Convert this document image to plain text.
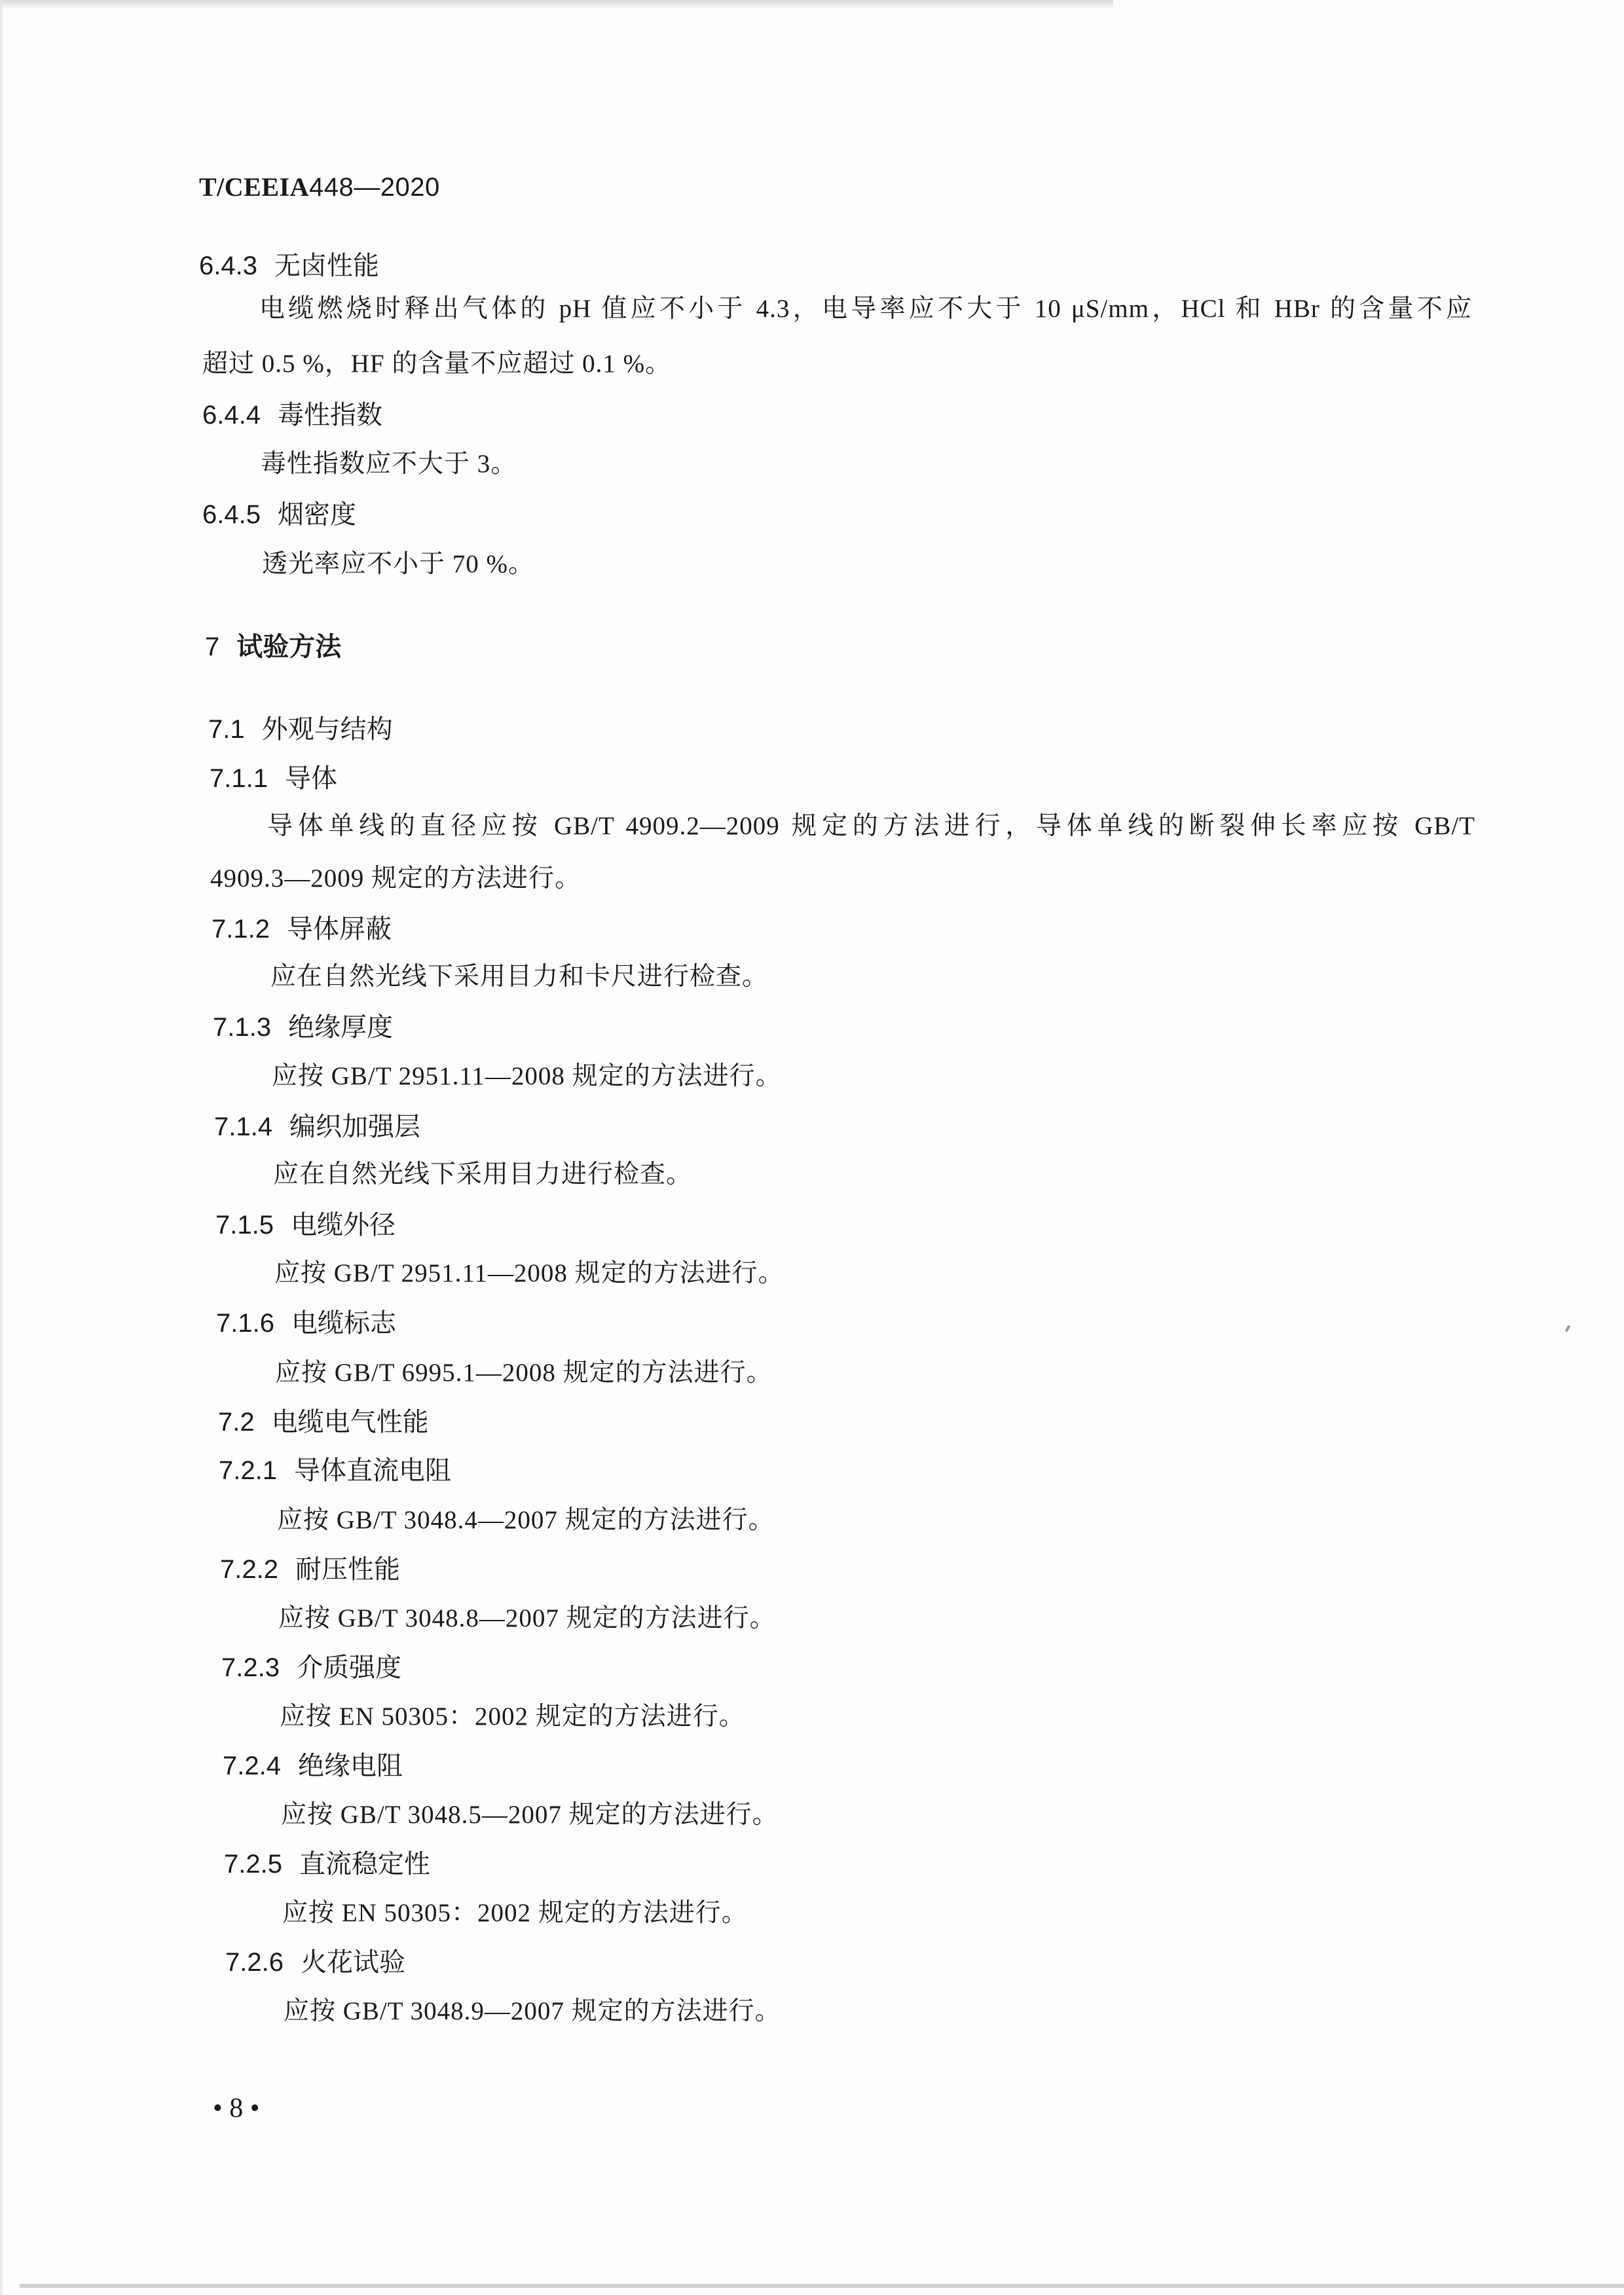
T/CEEIA448—2020
6.4.3 无卤性能
电缆燃烧时释出气体的 pH 值应不小于 4.3，电导率应不大于 10 μS/mm，HCl 和 HBr 的含量不应
超过 0.5 %，HF 的含量不应超过 0.1 %。
6.4.4 毒性指数
毒性指数应不大于 3。
6.4.5 烟密度
透光率应不小于 70 %。
7 试验方法
7.1 外观与结构
7.1.1 导体
导体单线的直径应按 GB/T 4909.2—2009 规定的方法进行，导体单线的断裂伸长率应按 GB/T
4909.3—2009 规定的方法进行。
7.1.2 导体屏蔽
应在自然光线下采用目力和卡尺进行检查。
7.1.3 绝缘厚度
应按 GB/T 2951.11—2008 规定的方法进行。
7.1.4 编织加强层
应在自然光线下采用目力进行检查。
7.1.5 电缆外径
应按 GB/T 2951.11—2008 规定的方法进行。
7.1.6 电缆标志
应按 GB/T 6995.1—2008 规定的方法进行。
7.2 电缆电气性能
7.2.1 导体直流电阻
应按 GB/T 3048.4—2007 规定的方法进行。
7.2.2 耐压性能
应按 GB/T 3048.8—2007 规定的方法进行。
7.2.3 介质强度
应按 EN 50305：2002 规定的方法进行。
7.2.4 绝缘电阻
应按 GB/T 3048.5—2007 规定的方法进行。
7.2.5 直流稳定性
应按 EN 50305：2002 规定的方法进行。
7.2.6 火花试验
应按 GB/T 3048.9—2007 规定的方法进行。
• 8 •
